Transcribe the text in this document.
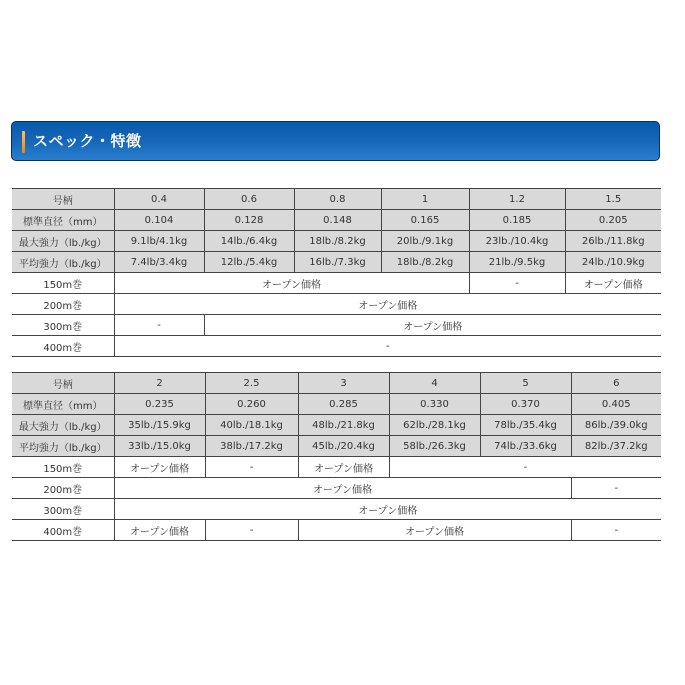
スペック・特徴
号柄	0.4	0.6	0.8	1	1.2	1.5
標準直径（mm）	0.104	0.128	0.148	0.165	0.185	0.205
最大強力（lb./kg）	9.1lb/4.1kg	14lb./6.4kg	18lb./8.2kg	20lb./9.1kg	23lb./10.4kg	26lb./11.8kg
平均強力（lb./kg）	7.4lb/3.4kg	12lb./5.4kg	16lb./7.3kg	18lb./8.2kg	21lb./9.5kg	24lb./10.9kg
150m巻	オープン価格				-	オープン価格
200m巻	オープン価格					
300m巻	-	オープン価格				
400m巻	-					
号柄	2	2.5	3	4	5	6
標準直径（mm）	0.235	0.260	0.285	0.330	0.370	0.405
最大強力（lb./kg）	35lb./15.9kg	40lb./18.1kg	48lb./21.8kg	62lb./28.1kg	78lb./35.4kg	86lb./39.0kg
平均強力（lb./kg）	33lb./15.0kg	38lb./17.2kg	45lb./20.4kg	58lb./26.3kg	74lb./33.6kg	82lb./37.2kg
150m巻	オープン価格	-	オープン価格	-		
200m巻	オープン価格					-
300m巻	オープン価格					
400m巻	オープン価格	-	オープン価格			-
